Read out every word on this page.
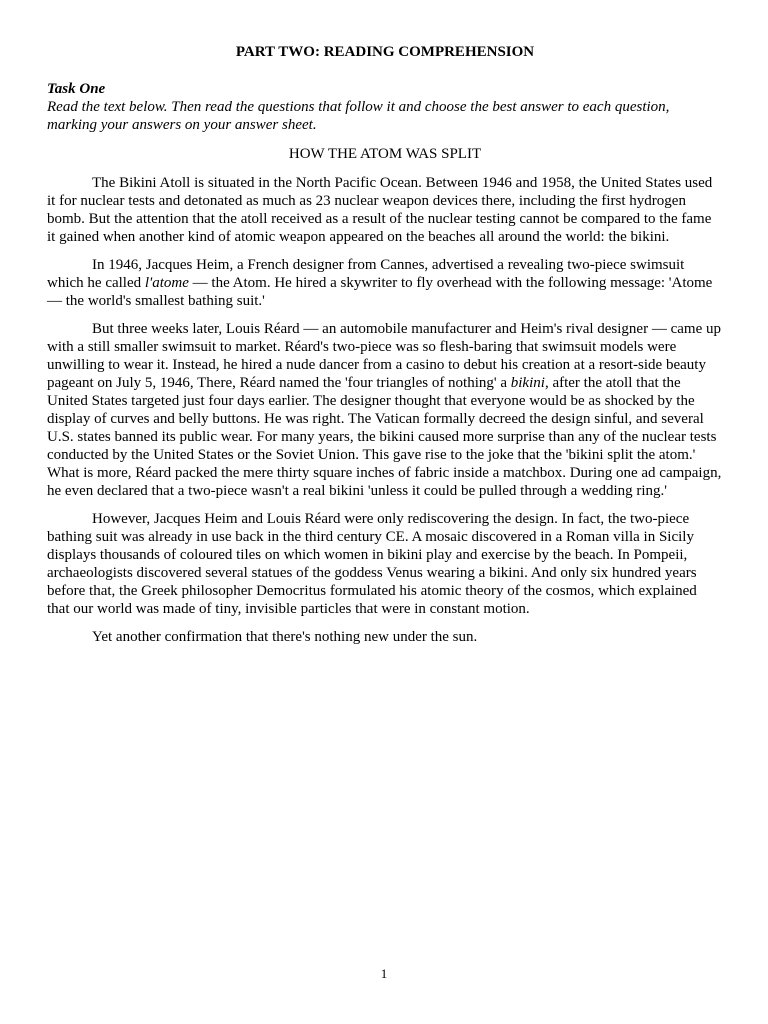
PART TWO: READING COMPREHENSION

Task One

Read the text below. Then read the questions that follow it and choose the best answer to each question, marking your answers on your answer sheet.

HOW THE ATOM WAS SPLIT

The Bikini Atoll is situated in the North Pacific Ocean. Between 1946 and 1958, the United States used it for nuclear tests and detonated as much as 23 nuclear weapon devices there, including the first hydrogen bomb. But the attention that the atoll received as a result of the nuclear testing cannot be compared to the fame it gained when another kind of atomic weapon appeared on the beaches all around the world: the bikini.

In 1946, Jacques Heim, a French designer from Cannes, advertised a revealing two-piece swimsuit which he called l'atome — the Atom. He hired a skywriter to fly overhead with the following message: 'Atome — the world's smallest bathing suit.'

But three weeks later, Louis Réard — an automobile manufacturer and Heim's rival designer — came up with a still smaller swimsuit to market. Réard's two-piece was so flesh-baring that swimsuit models were unwilling to wear it. Instead, he hired a nude dancer from a casino to debut his creation at a resort-side beauty pageant on July 5, 1946, There, Réard named the 'four triangles of nothing' a bikini, after the atoll that the United States targeted just four days earlier. The designer thought that everyone would be as shocked by the display of curves and belly buttons. He was right. The Vatican formally decreed the design sinful, and several U.S. states banned its public wear. For many years, the bikini caused more surprise than any of the nuclear tests conducted by the United States or the Soviet Union. This gave rise to the joke that the 'bikini split the atom.' What is more, Réard packed the mere thirty square inches of fabric inside a matchbox. During one ad campaign, he even declared that a two-piece wasn't a real bikini 'unless it could be pulled through a wedding ring.'

However, Jacques Heim and Louis Réard were only rediscovering the design. In fact, the two-piece bathing suit was already in use back in the third century CE. A mosaic discovered in a Roman villa in Sicily displays thousands of coloured tiles on which women in bikini play and exercise by the beach. In Pompeii, archaeologists discovered several statues of the goddess Venus wearing a bikini. And only six hundred years before that, the Greek philosopher Democritus formulated his atomic theory of the cosmos, which explained that our world was made of tiny, invisible particles that were in constant motion.

Yet another confirmation that there's nothing new under the sun.

1
